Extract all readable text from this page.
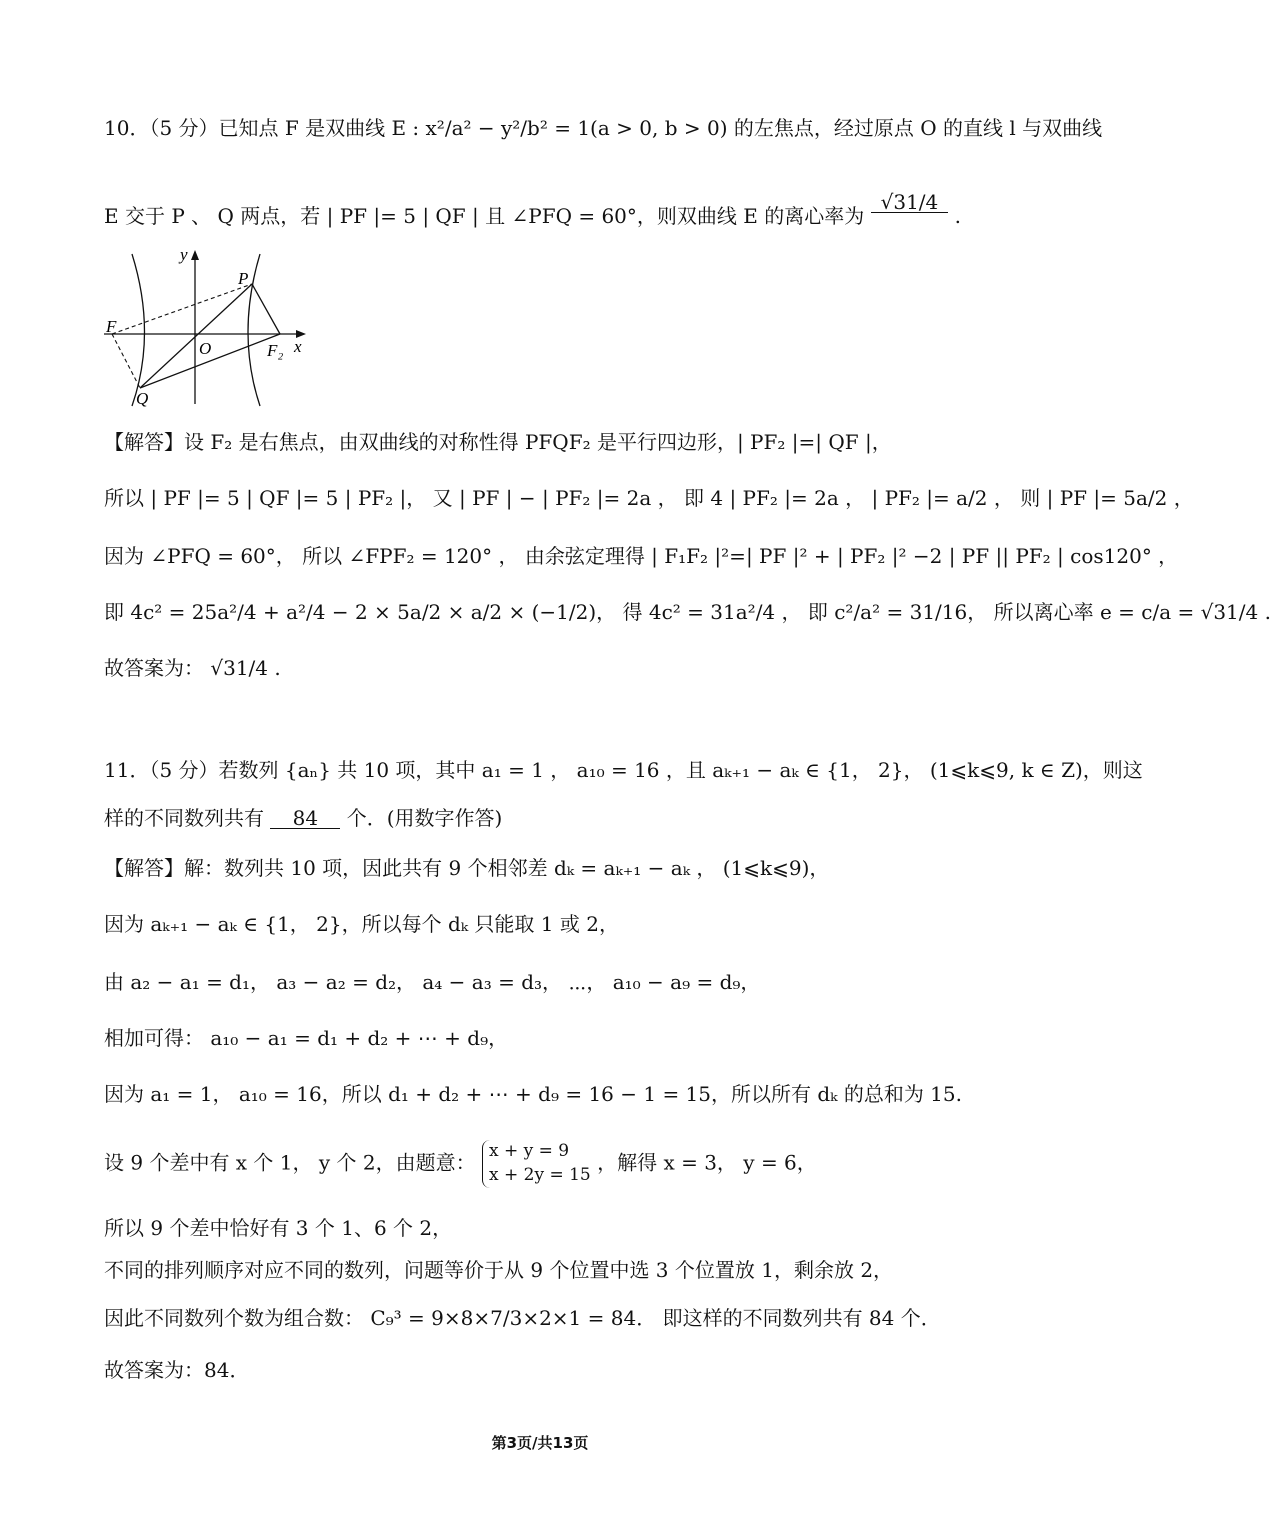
10．（5 分）已知点 F 是双曲线 E : x²/a² − y²/b² = 1(a > 0, b > 0) 的左焦点，经过原点 O 的直线 l 与双曲线
E 交于 P 、 Q 两点，若 | PF |= 5 | QF | 且 ∠PFQ = 60°，则双曲线 E 的离心率为 √31/4 .
y
x
P
F
O	F₂
Q
【解答】设 F₂ 是右焦点，由双曲线的对称性得 PFQF₂ 是平行四边形，| PF₂ |=| QF |，
所以 | PF |= 5 | QF |= 5 | PF₂ |， 又 | PF | − | PF₂ |= 2a ， 即 4 | PF₂ |= 2a ， | PF₂ |= a/2 ， 则 | PF |= 5a/2 ，
因为 ∠PFQ = 60°， 所以 ∠FPF₂ = 120° ， 由余弦定理得 | F₁F₂ |²=| PF |² + | PF₂ |² −2 | PF || PF₂ | cos120° ，
即 4c² = 25a²/4 + a²/4 − 2 × 5a/2 × a/2 × (−1/2)， 得 4c² = 31a²/4 ， 即 c²/a² = 31/16， 所以离心率 e = c/a = √31/4 .
故答案为： √31/4 .
11．（5 分）若数列 {aₙ} 共 10 项，其中 a₁ = 1 ， a₁₀ = 16 ，且 aₖ₊₁ − aₖ ∈ {1， 2}， (1⩽k⩽9, k ∈ Z)，则这
样的不同数列共有 84 个．(用数字作答)
【解答】解：数列共 10 项，因此共有 9 个相邻差 dₖ = aₖ₊₁ − aₖ ， (1⩽k⩽9)，
因为 aₖ₊₁ − aₖ ∈ {1， 2}，所以每个 dₖ 只能取 1 或 2，
由 a₂ − a₁ = d₁， a₃ − a₂ = d₂， a₄ − a₃ = d₃， ⋯， a₁₀ − a₉ = d₉，
相加可得： a₁₀ − a₁ = d₁ + d₂ + ⋯ + d₉，
因为 a₁ = 1， a₁₀ = 16，所以 d₁ + d₂ + ⋯ + d₉ = 16 − 1 = 15，所以所有 dₖ 的总和为 15.
设 9 个差中有 x 个 1， y 个 2，由题意： x + y = 9
x + 2y = 15
，解得 x = 3， y = 6，
所以 9 个差中恰好有 3 个 1、6 个 2，
不同的排列顺序对应不同的数列，问题等价于从 9 个位置中选 3 个位置放 1，剩余放 2，
因此不同数列个数为组合数： C₉³ = 9×8×7/3×2×1 = 84． 即这样的不同数列共有 84 个．
故答案为：84．
第3页/共13页
